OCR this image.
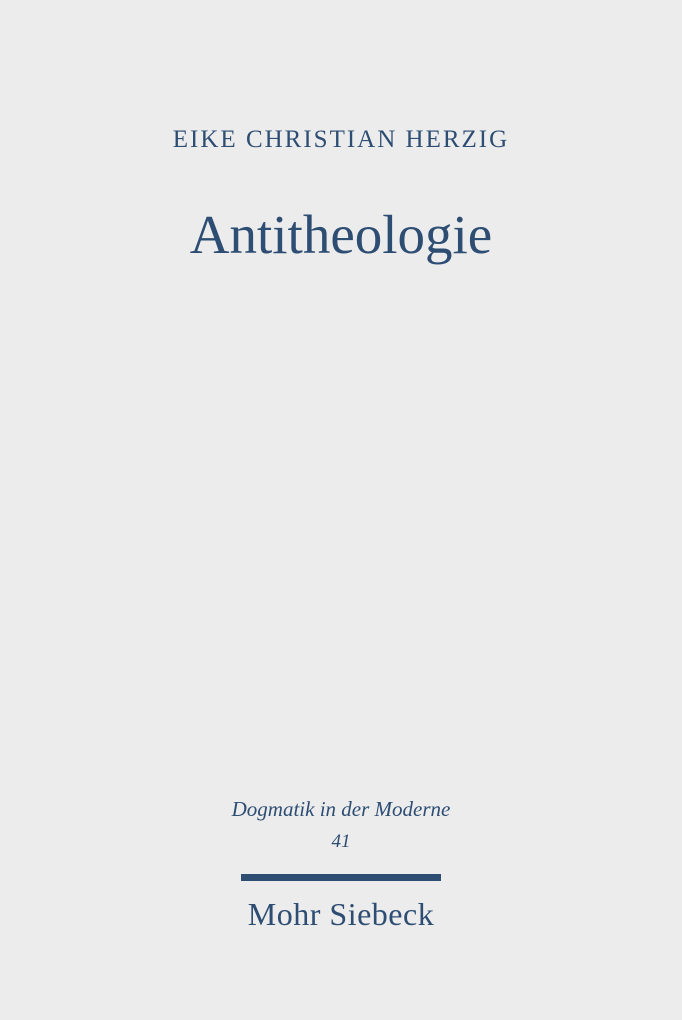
EIKE CHRISTIAN HERZIG
Antitheologie
Dogmatik in der Moderne
41
Mohr Siebeck
